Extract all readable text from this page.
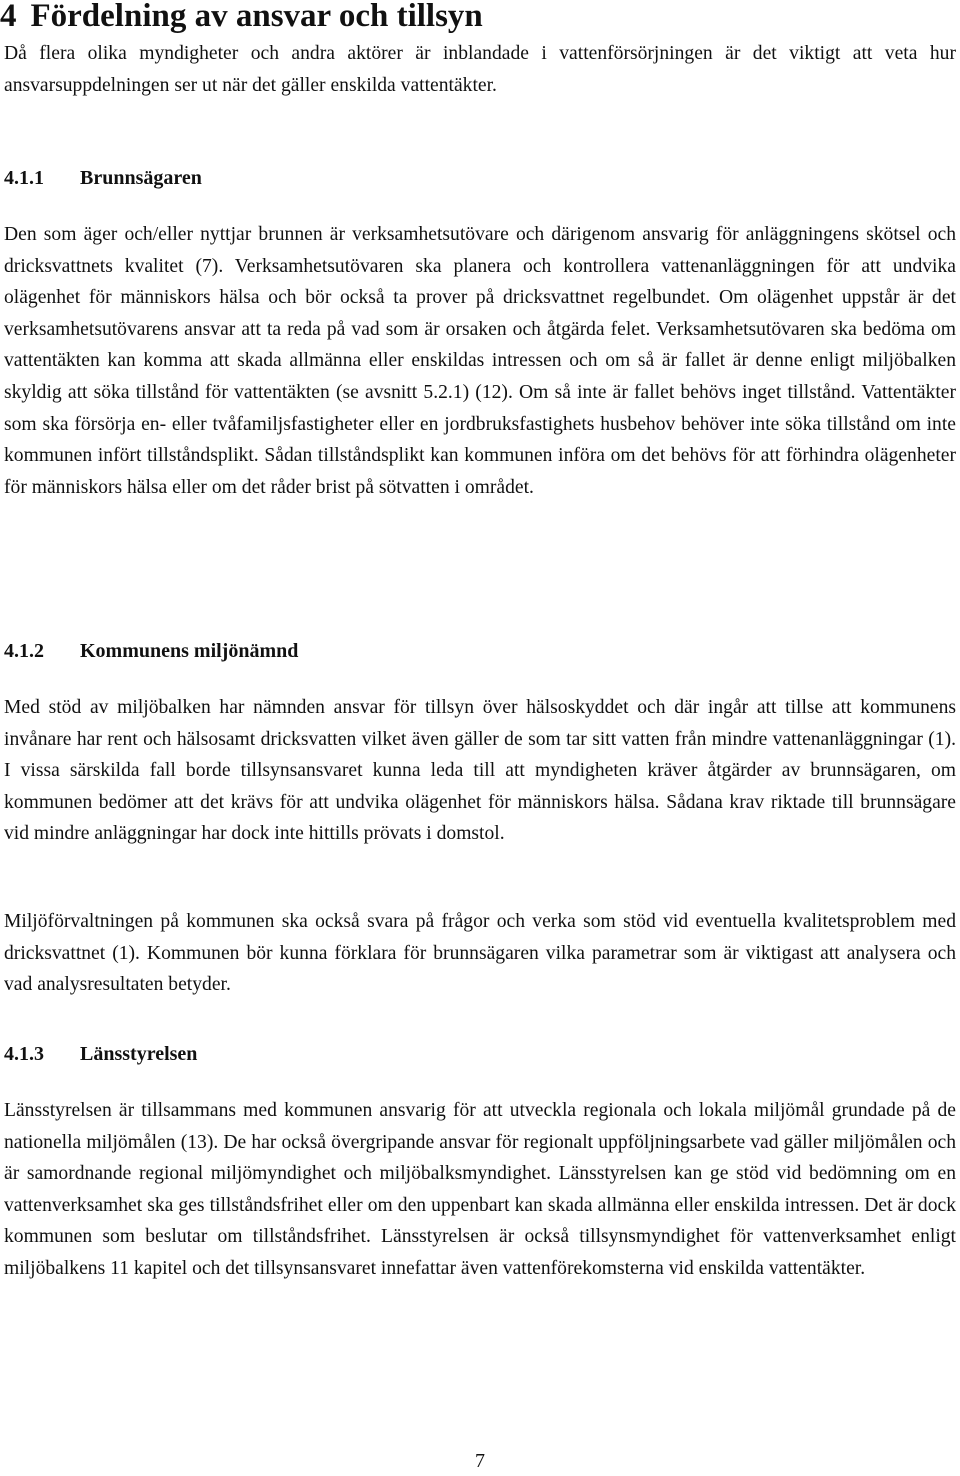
4 Fördelning av ansvar och tillsyn

Då flera olika myndigheter och andra aktörer är inblandade i vattenförsörjningen är det viktigt att veta hur ansvarsuppdelningen ser ut när det gäller enskilda vattentäkter.

4.1.1 Brunnsägaren

Den som äger och/eller nyttjar brunnen är verksamhetsutövare och därigenom ansvarig för anläggningens skötsel och dricksvattnets kvalitet (7). Verksamhetsutövaren ska planera och kontrollera vattenanläggningen för att undvika olägenhet för människors hälsa och bör också ta prover på dricksvattnet regelbundet. Om olägenhet uppstår är det verksamhetsutövarens ansvar att ta reda på vad som är orsaken och åtgärda felet. Verksamhetsutövaren ska bedöma om vattentäkten kan komma att skada allmänna eller enskildas intressen och om så är fallet är denne enligt miljöbalken skyldig att söka tillstånd för vattentäkten (se avsnitt 5.2.1) (12). Om så inte är fallet behövs inget tillstånd. Vattentäkter som ska försörja en- eller tvåfamiljsfastigheter eller en jordbruksfastighets husbehov behöver inte söka tillstånd om inte kommunen infört tillståndsplikt. Sådan tillståndsplikt kan kommunen införa om det behövs för att förhindra olägenheter för människors hälsa eller om det råder brist på sötvatten i området.

4.1.2 Kommunens miljönämnd

Med stöd av miljöbalken har nämnden ansvar för tillsyn över hälsoskyddet och där ingår att tillse att kommunens invånare har rent och hälsosamt dricksvatten vilket även gäller de som tar sitt vatten från mindre vattenanläggningar (1). I vissa särskilda fall borde tillsynsansvaret kunna leda till att myndigheten kräver åtgärder av brunnsägaren, om kommunen bedömer att det krävs för att undvika olägenhet för människors hälsa. Sådana krav riktade till brunnsägare vid mindre anläggningar har dock inte hittills prövats i domstol.

Miljöförvaltningen på kommunen ska också svara på frågor och verka som stöd vid eventuella kvalitetsproblem med dricksvattnet (1). Kommunen bör kunna förklara för brunnsägaren vilka parametrar som är viktigast att analysera och vad analysresultaten betyder.

4.1.3 Länsstyrelsen

Länsstyrelsen är tillsammans med kommunen ansvarig för att utveckla regionala och lokala miljömål grundade på de nationella miljömålen (13). De har också övergripande ansvar för regionalt uppföljningsarbete vad gäller miljömålen och är samordnande regional miljömyndighet och miljöbalksmyndighet. Länsstyrelsen kan ge stöd vid bedömning om en vattenverksamhet ska ges tillståndsfrihet eller om den uppenbart kan skada allmänna eller enskilda intressen. Det är dock kommunen som beslutar om tillståndsfrihet. Länsstyrelsen är också tillsynsmyndighet för vattenverksamhet enligt miljöbalkens 11 kapitel och det tillsynsansvaret innefattar även vattenförekomsterna vid enskilda vattentäkter.

7
